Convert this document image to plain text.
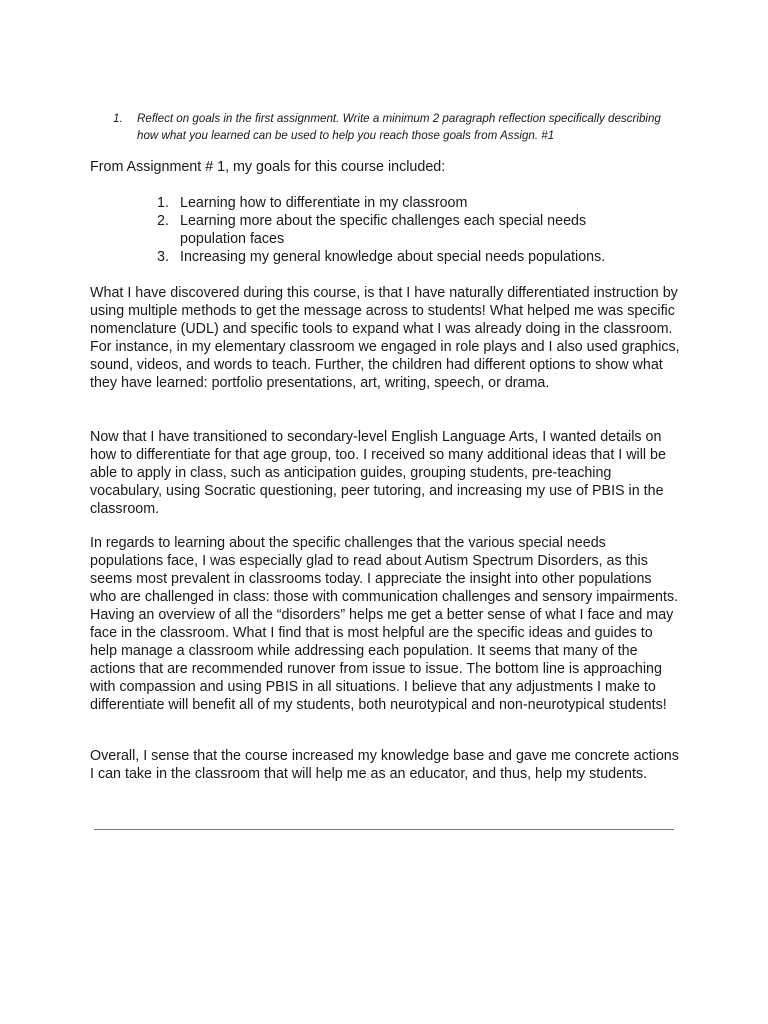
1.	Reflect on goals in the first assignment. Write a minimum 2 paragraph reflection specifically describing how what you learned can be used to help you reach those goals from Assign. #1

From Assignment # 1, my goals for this course included:

1. Learning how to differentiate in my classroom
2. Learning more about the specific challenges each special needs population faces
3. Increasing my general knowledge about special needs populations.

What I have discovered during this course, is that I have naturally differentiated instruction by using multiple methods to get the message across to students! What helped me was specific nomenclature (UDL) and specific tools to expand what I was already doing in the classroom. For instance, in my elementary classroom we engaged in role plays and I also used graphics, sound, videos, and words to teach. Further, the children had different options to show what they have learned: portfolio presentations, art, writing, speech, or drama.

Now that I have transitioned to secondary-level English Language Arts, I wanted details on how to differentiate for that age group, too. I received so many additional ideas that I will be able to apply in class, such as anticipation guides, grouping students, pre-teaching vocabulary, using Socratic questioning, peer tutoring, and increasing my use of PBIS in the classroom.

In regards to learning about the specific challenges that the various special needs populations face, I was especially glad to read about Autism Spectrum Disorders, as this seems most prevalent in classrooms today. I appreciate the insight into other populations who are challenged in class: those with communication challenges and sensory impairments. Having an overview of all the “disorders” helps me get a better sense of what I face and may face in the classroom. What I find that is most helpful are the specific ideas and guides to help manage a classroom while addressing each population. It seems that many of the actions that are recommended runover from issue to issue. The bottom line is approaching with compassion and using PBIS in all situations. I believe that any adjustments I make to differentiate will benefit all of my students, both neurotypical and non-neurotypical students!

Overall, I sense that the course increased my knowledge base and gave me concrete actions I can take in the classroom that will help me as an educator, and thus, help my students.
